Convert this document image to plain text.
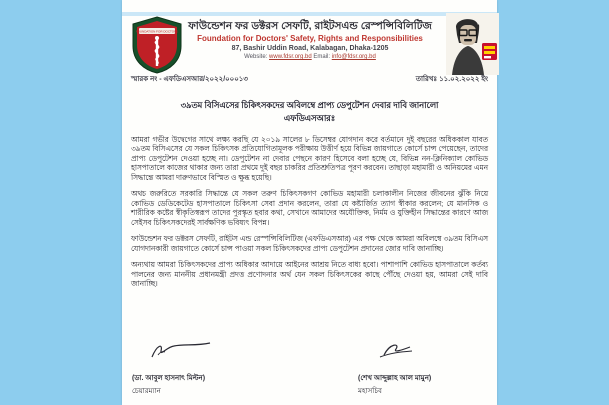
FOUNDATION FOR DOCTORS ফাউন্ডেশন ফর ডক্টরস সেফটি, রাইটসএন্ড রেস্পন্সিবিলিটিজ
Foundation for Doctors' Safety, Rights and Responsibilities
87, Bashir Uddin Road, Kalabagan, Dhaka-1205
Website: www.fdsr.org.bd Email: info@fdsr.org.bd
স্মারক নং - এফডিএসআর/২০২২/০০০১৩	তারিখঃ ১১.০২.২০২২ ইং
৩৯তম বিসিএসের চিকিৎসকদের অবিলম্বে প্রাপ্য ডেপুটেশন দেবার দাবি জানালো এফডিএসআরঃ

আমরা গভীর উদ্বেগের সাথে লক্ষ্য করছি যে ২০১৯ সালের ৮ ডিসেম্বর যোগদান করে বর্তমানে দুই বছরের অধিককাল যাবত ৩৯তম বিসিএসের যে সকল চিকিৎসক প্রতিযোগিতামূলক পরীক্ষায় উত্তীর্ণ হয়ে বিভিন্ন জায়গাতে কোর্সে চান্স পেয়েছেন, তাদের প্রাপ্য ডেপুটেশন দেওয়া হচ্ছে না। ডেপুটেশন না দেবার পেছনে কারণ হিসেবে বলা হচ্ছে যে, বিভিন্ন নন-ক্লিনিক্যাল কোভিড হাসপাতালে কাজের থাকার জন্য তারা প্রথমে দুই বছর চাকরির প্রতিশ্রুতিপত্র পূরণ করবেন। তাছাড়া মহামারী ও অনিয়মের এমন সিদ্ধান্তে আমরা দারুণভাবে বিস্মিত ও ক্ষুব্ধ হয়েছি।

অথচ জরুরিতে সরকারি সিদ্ধান্তে যে সকল তরুণ চিকিৎসকগণ কোভিড মহামারী চলাকালীন নিজের জীবনের ঝুঁকি নিয়ে কোভিড ডেডিকেটেড হাসপাতালে চিকিৎসা সেবা প্রদান করলেন, তারা যে কষ্টার্জিত ত্যাগ স্বীকার করলেন; যে মানসিক ও শারীরিক কষ্টের স্বীকৃতিস্বরূপ তাদের পুরস্কৃত হবার কথা, সেখানে আমাদের অযৌক্তিক, নির্মম ও যুক্তিহীন সিদ্ধান্তের কারণে আজ সেইসব চিকিৎসকদেরই সার্বক্ষণিক ভবিষ্যৎ বিপন্ন।

ফাউন্ডেশন ফর ডক্টরস সেফটি, রাইটস এন্ড রেস্পন্সিবিলিটিজ (এফডিএসআর) এর পক্ষ থেকে আমরা অবিলম্বে ৩৯তম বিসিএস যোগদানকারী জায়গাতে কোর্সে চান্স পাওয়া সকল চিকিৎসকদের প্রাপ্য ডেপুটেশন প্রদানের জোর দাবি জানাচ্ছি।

অন্যথায় আমরা চিকিৎসকদের প্রাপ্য অধিকার আদায়ে আইনের আশ্রয় নিতে বাধ্য হবো। পাশাপাশি কোভিড হাসপাতালে কর্তব্য পালনের জন্য মাননীয় প্রধানমন্ত্রী প্রদত্ত প্রণোদনার অর্থ যেন সকল চিকিৎসকের কাছে পৌঁছে দেওয়া হয়, আমরা সেই দাবি জানাচ্ছি।

(ডা. আবুল হাসনাৎ মিল্টন)
চেয়ারম্যান
(শেখ আব্দুল্লাহ আল মামুন)
মহাসচিব
